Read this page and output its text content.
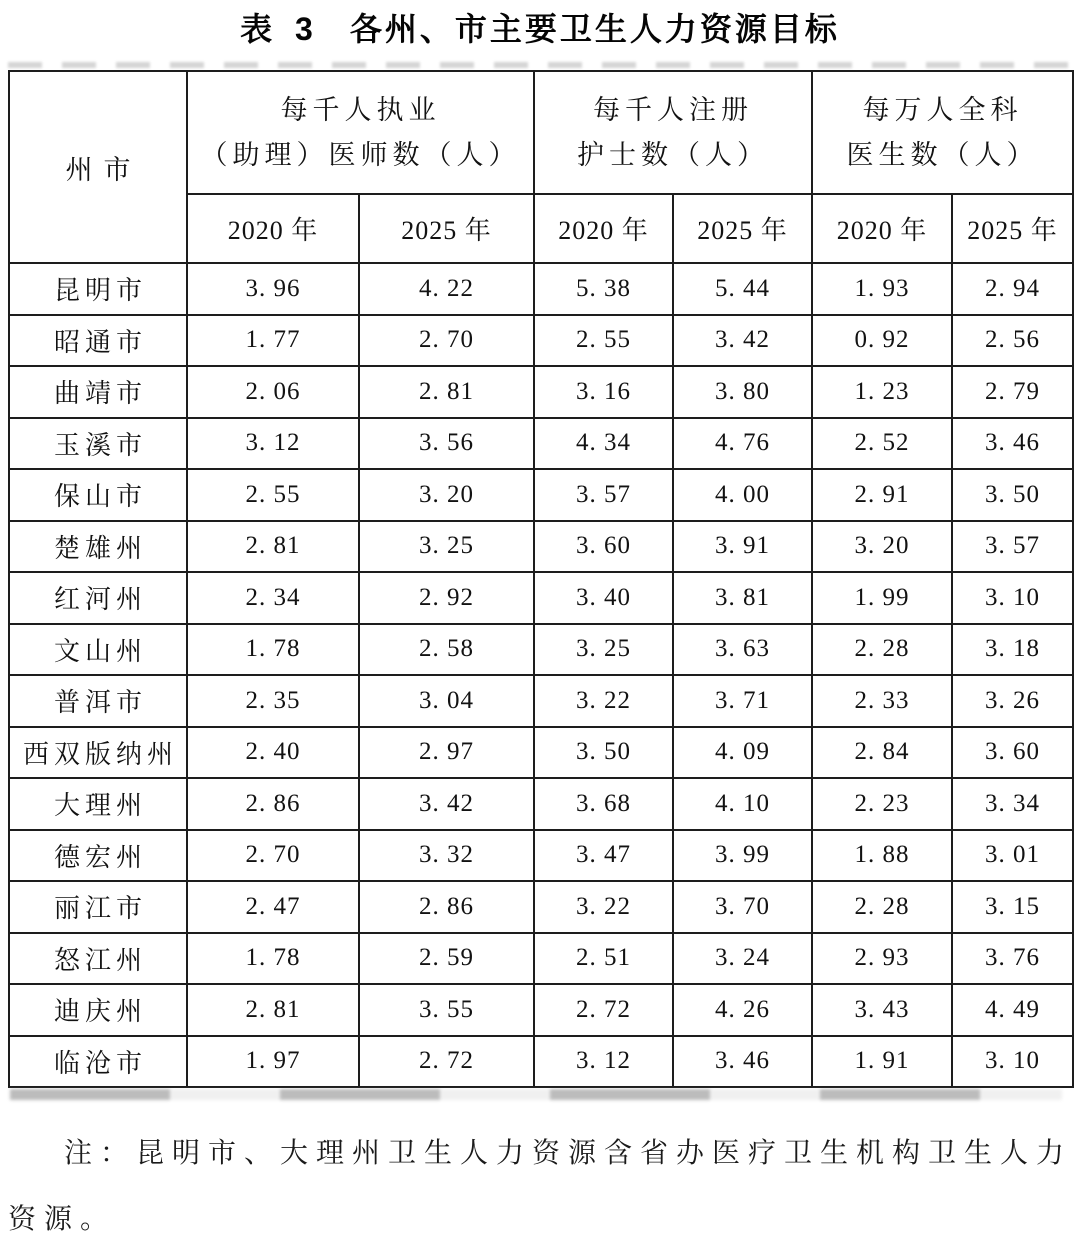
表 3 各州、市主要卫生人力资源目标
州市	
每千人执业
（助理）医师数（人）

每千人注册
护士数（人）

每万人全科
医生数（人）

	2020 年	2025 年	2020 年	2025 年	2020 年	2025 年
昆明市	3. 96	4. 22	5. 38	5. 44	1. 93	2. 94
昭通市	1. 77	2. 70	2. 55	3. 42	0. 92	2. 56
曲靖市	2. 06	2. 81	3. 16	3. 80	1. 23	2. 79
玉溪市	3. 12	3. 56	4. 34	4. 76	2. 52	3. 46
保山市	2. 55	3. 20	3. 57	4. 00	2. 91	3. 50
楚雄州	2. 81	3. 25	3. 60	3. 91	3. 20	3. 57
红河州	2. 34	2. 92	3. 40	3. 81	1. 99	3. 10
文山州	1. 78	2. 58	3. 25	3. 63	2. 28	3. 18
普洱市	2. 35	3. 04	3. 22	3. 71	2. 33	3. 26
西双版纳州	2. 40	2. 97	3. 50	4. 09	2. 84	3. 60
大理州	2. 86	3. 42	3. 68	4. 10	2. 23	3. 34
德宏州	2. 70	3. 32	3. 47	3. 99	1. 88	3. 01
丽江市	2. 47	2. 86	3. 22	3. 70	2. 28	3. 15
怒江州	1. 78	2. 59	2. 51	3. 24	2. 93	3. 76
迪庆州	2. 81	3. 55	2. 72	4. 26	3. 43	4. 49
临沧市	1. 97	2. 72	3. 12	3. 46	1. 91	3. 10

注：昆明市、大理州卫生人力资源含省办医疗卫生机构卫生人力资源。
